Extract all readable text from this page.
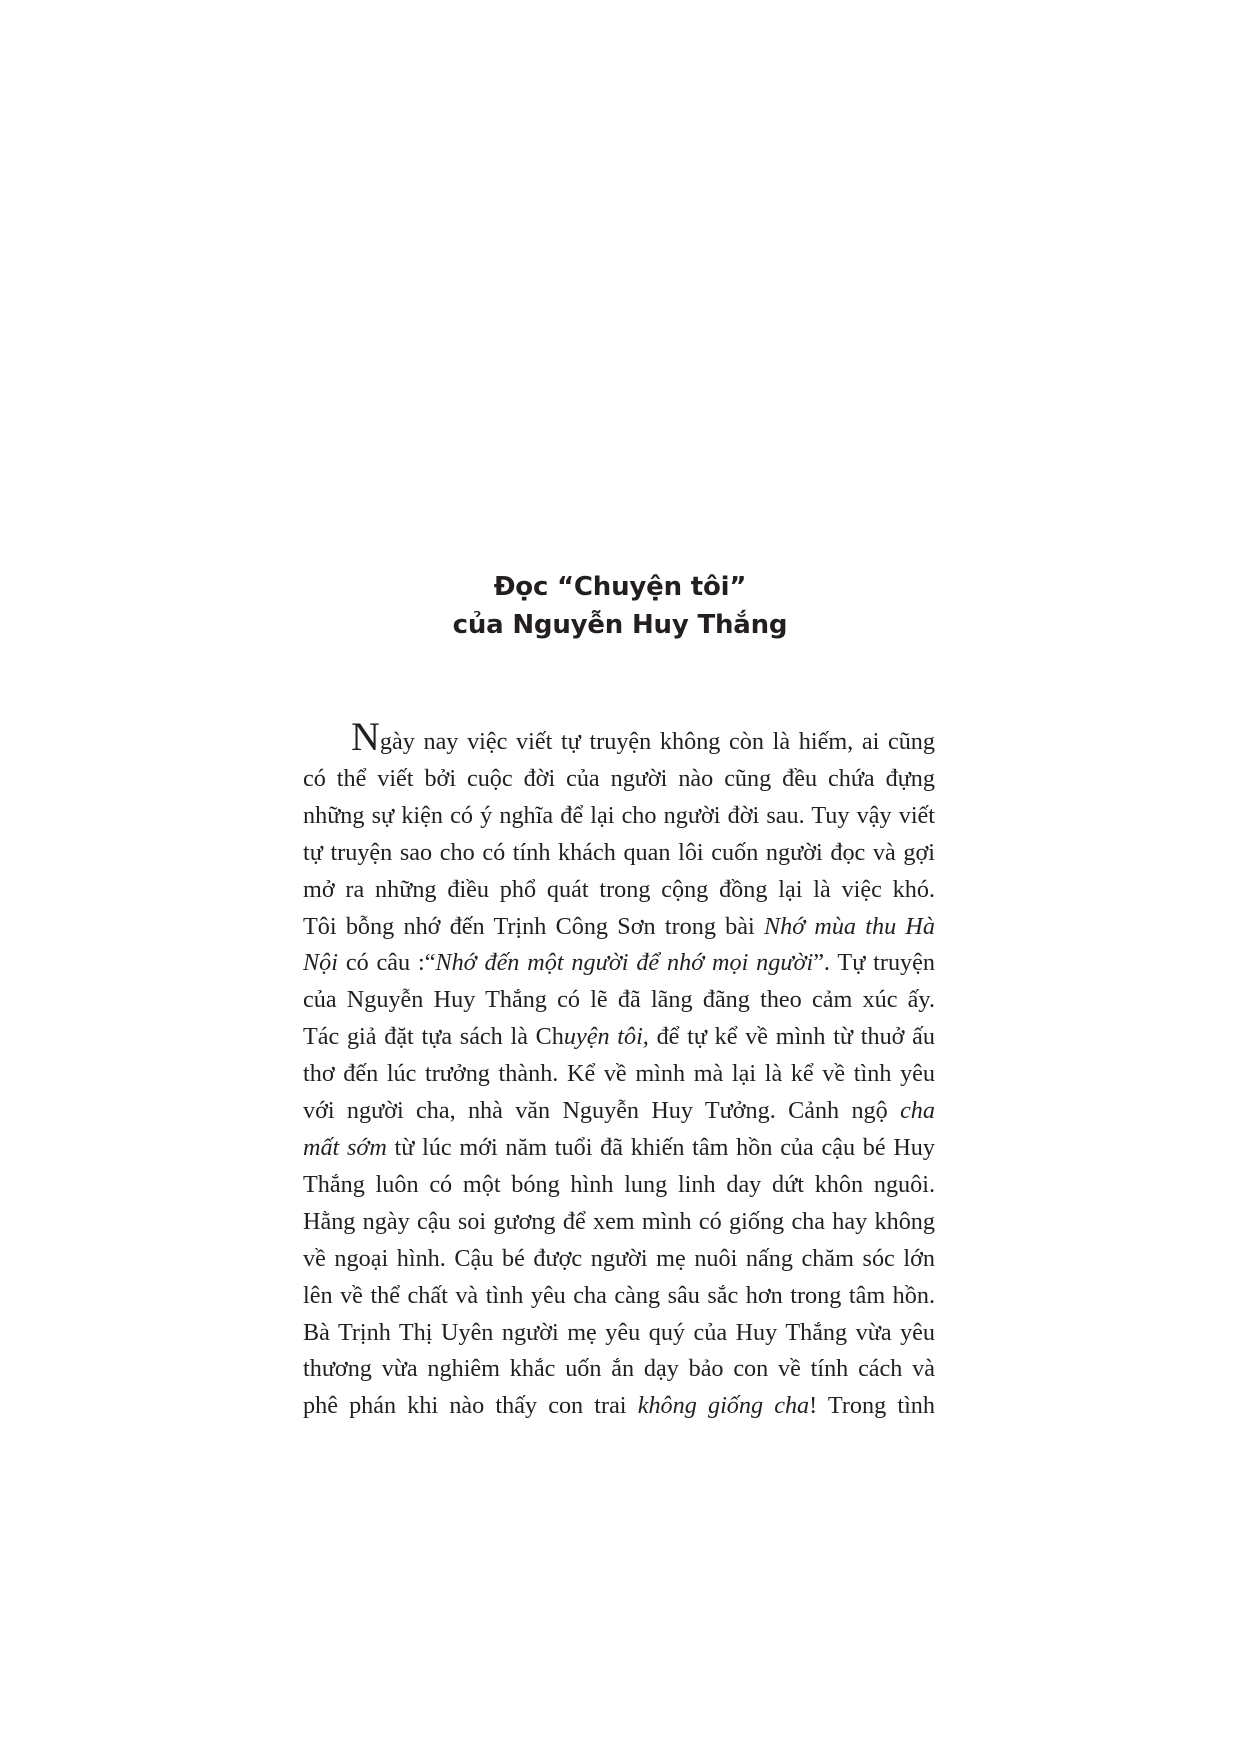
Đọc “Chuyện tôi”
của Nguyễn Huy Thắng
Ngày nay việc viết tự truyện không còn là hiếm, ai cũng
có thể viết bởi cuộc đời của người nào cũng đều chứa đựng
những sự kiện có ý nghĩa để lại cho người đời sau. Tuy vậy viết
tự truyện sao cho có tính khách quan lôi cuốn người đọc và gợi
mở ra những điều phổ quát trong cộng đồng lại là việc khó.
Tôi bỗng nhớ đến Trịnh Công Sơn trong bài Nhớ mùa thu Hà
Nội có câu :“Nhớ đến một người để nhớ mọi người”. Tự truyện
của Nguyễn Huy Thắng có lẽ đã lãng đãng theo cảm xúc ấy.
Tác giả đặt tựa sách là Chuyện tôi, để tự kể về mình từ thuở ấu
thơ đến lúc trưởng thành. Kể về mình mà lại là kể về tình yêu
với người cha, nhà văn Nguyễn Huy Tưởng. Cảnh ngộ cha
mất sớm từ lúc mới năm tuổi đã khiến tâm hồn của cậu bé Huy
Thắng luôn có một bóng hình lung linh day dứt khôn nguôi.
Hằng ngày cậu soi gương để xem mình có giống cha hay không
về ngoại hình. Cậu bé được người mẹ nuôi nấng chăm sóc lớn
lên về thể chất và tình yêu cha càng sâu sắc hơn trong tâm hồn.
Bà Trịnh Thị Uyên người mẹ yêu quý của Huy Thắng vừa yêu
thương vừa nghiêm khắc uốn ắn dạy bảo con về tính cách và
phê phán khi nào thấy con trai không giống cha! Trong tình
